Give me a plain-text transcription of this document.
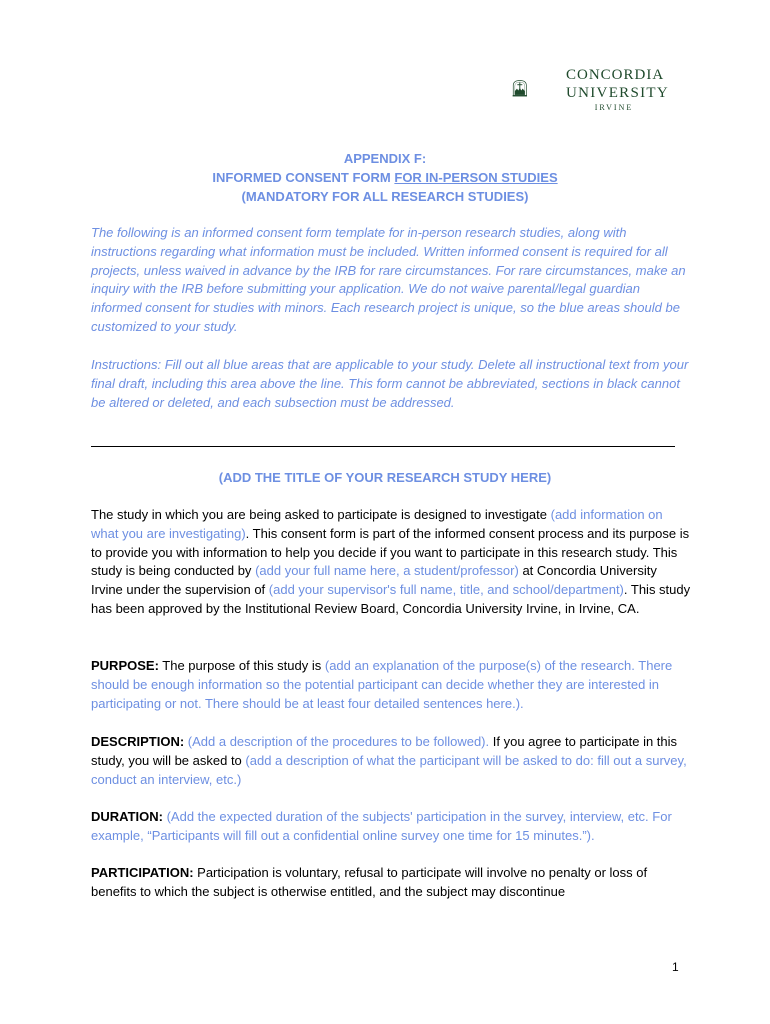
CONCORDIA
UNIVERSITY
IRVINE
APPENDIX F:
INFORMED CONSENT FORM FOR IN-PERSON STUDIES
(MANDATORY FOR ALL RESEARCH STUDIES)
The following is an informed consent form template for in-person research studies, along with instructions regarding what information must be included. Written informed consent is required for all projects, unless waived in advance by the IRB for rare circumstances. For rare circumstances, make an inquiry with the IRB before submitting your application. We do not waive parental/legal guardian informed consent for studies with minors. Each research project is unique, so the blue areas should be customized to your study.
Instructions: Fill out all blue areas that are applicable to your study. Delete all instructional text from your final draft, including this area above the line. This form cannot be abbreviated, sections in black cannot be altered or deleted, and each subsection must be addressed.
(ADD THE TITLE OF YOUR RESEARCH STUDY HERE)
The study in which you are being asked to participate is designed to investigate (add information on what you are investigating). This consent form is part of the informed consent process and its purpose is to provide you with information to help you decide if you want to participate in this research study. This study is being conducted by (add your full name here, a student/professor) at Concordia University Irvine under the supervision of (add your supervisor's full name, title, and school/department). This study has been approved by the Institutional Review Board, Concordia University Irvine, in Irvine, CA.
PURPOSE: The purpose of this study is (add an explanation of the purpose(s) of the research. There should be enough information so the potential participant can decide whether they are interested in participating or not. There should be at least four detailed sentences here.).
DESCRIPTION: (Add a description of the procedures to be followed). If you agree to participate in this study, you will be asked to (add a description of what the participant will be asked to do: fill out a survey, conduct an interview, etc.)
DURATION: (Add the expected duration of the subjects' participation in the survey, interview, etc. For example, “Participants will fill out a confidential online survey one time for 15 minutes.”).
PARTICIPATION: Participation is voluntary, refusal to participate will involve no penalty or loss of benefits to which the subject is otherwise entitled, and the subject may discontinue
1
